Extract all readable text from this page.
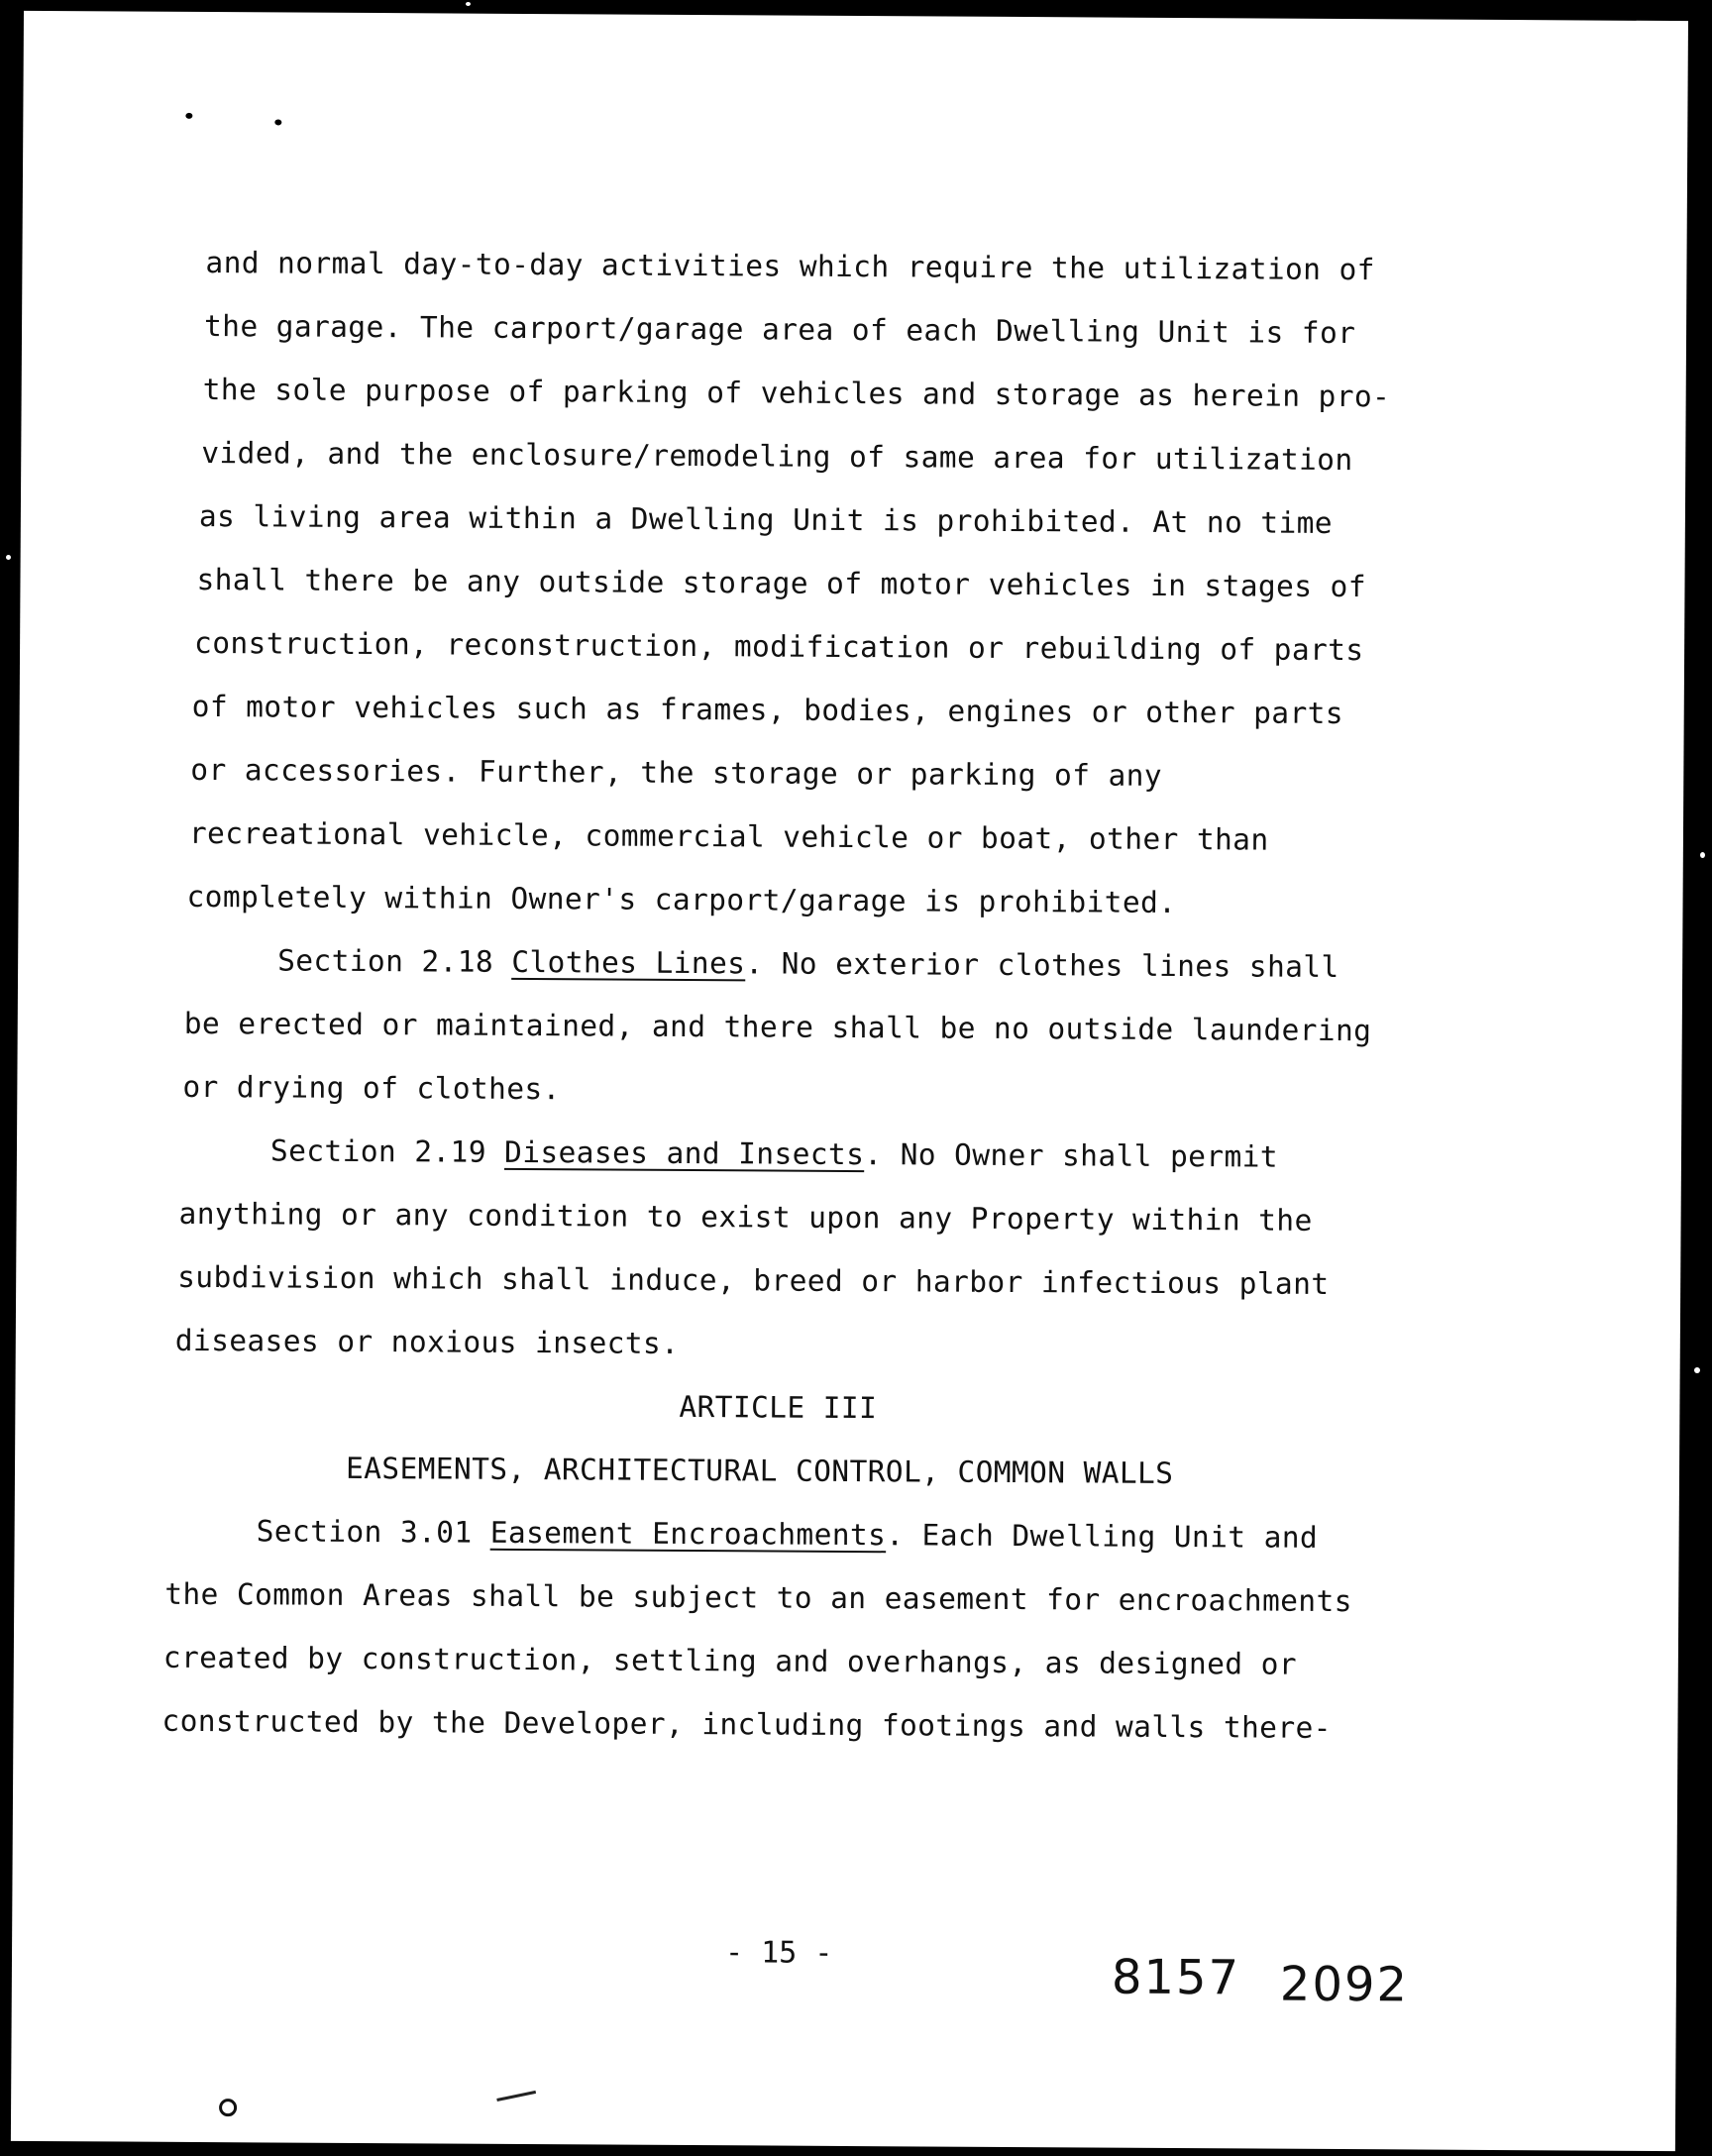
and normal day-to-day activities which require the utilization of
the garage. The carport/garage area of each Dwelling Unit is for
the sole purpose of parking of vehicles and storage as herein pro-
vided, and the enclosure/remodeling of same area for utilization
as living area within a Dwelling Unit is prohibited. At no time
shall there be any outside storage of motor vehicles in stages of
construction, reconstruction, modification or rebuilding of parts
of motor vehicles such as frames, bodies, engines or other parts
or accessories. Further, the storage or parking of any
recreational vehicle, commercial vehicle or boat, other than
completely within Owner's carport/garage is prohibited.
Section 2.18 Clothes Lines. No exterior clothes lines shall
be erected or maintained, and there shall be no outside laundering
or drying of clothes.
Section 2.19 Diseases and Insects. No Owner shall permit
anything or any condition to exist upon any Property within the
subdivision which shall induce, breed or harbor infectious plant
diseases or noxious insects.
ARTICLE III
EASEMENTS, ARCHITECTURAL CONTROL, COMMON WALLS
Section 3.01 Easement Encroachments. Each Dwelling Unit and
the Common Areas shall be subject to an easement for encroachments
created by construction, settling and overhangs, as designed or
constructed by the Developer, including footings and walls there-
- 15 -	8157 2092
